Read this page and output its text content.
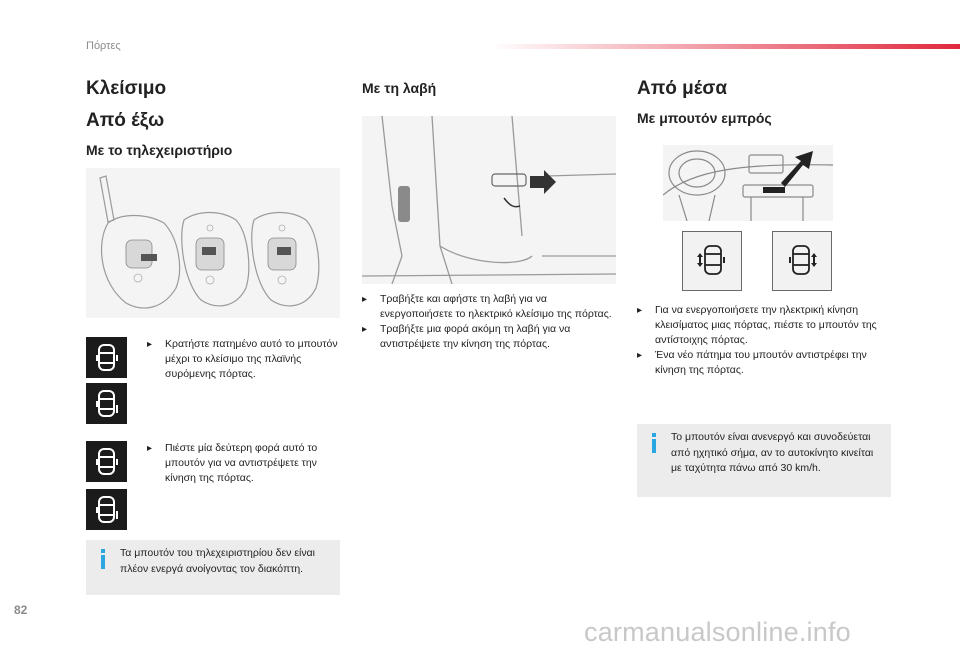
Πόρτες
Κλείσιμο
Από έξω
Με το τηλεχειριστήριο
▸ Κρατήστε πατημένο αυτό το μπουτόν μέχρι το κλείσιμο της πλαϊνής συρόμενης πόρτας.
▸ Πιέστε μία δεύτερη φορά αυτό το μπουτόν για να αντιστρέψετε την κίνηση της πόρτας.
Τα μπουτόν του τηλεχειριστηρίου δεν είναι πλέον ενεργά ανοίγοντας τον διακόπτη.
Με τη λαβή
▸ Τραβήξτε και αφήστε τη λαβή για να ενεργοποιήσετε το ηλεκτρικό κλείσιμο της πόρτας.
▸ Τραβήξτε μια φορά ακόμη τη λαβή για να αντιστρέψετε την κίνηση της πόρτας.
Από μέσα
Με μπουτόν εμπρός
▸ Για να ενεργοποιήσετε την ηλεκτρική κίνηση κλεισίματος μιας πόρτας, πιέστε το μπουτόν της αντίστοιχης πόρτας.
▸ Ένα νέο πάτημα του μπουτόν αντιστρέφει την κίνηση της πόρτας.
Το μπουτόν είναι ανενεργό και συνοδεύεται από ηχητικό σήμα, αν το αυτοκίνητο κινείται με ταχύτητα πάνω από 30 km/h.
82
carmanualsonline.info
